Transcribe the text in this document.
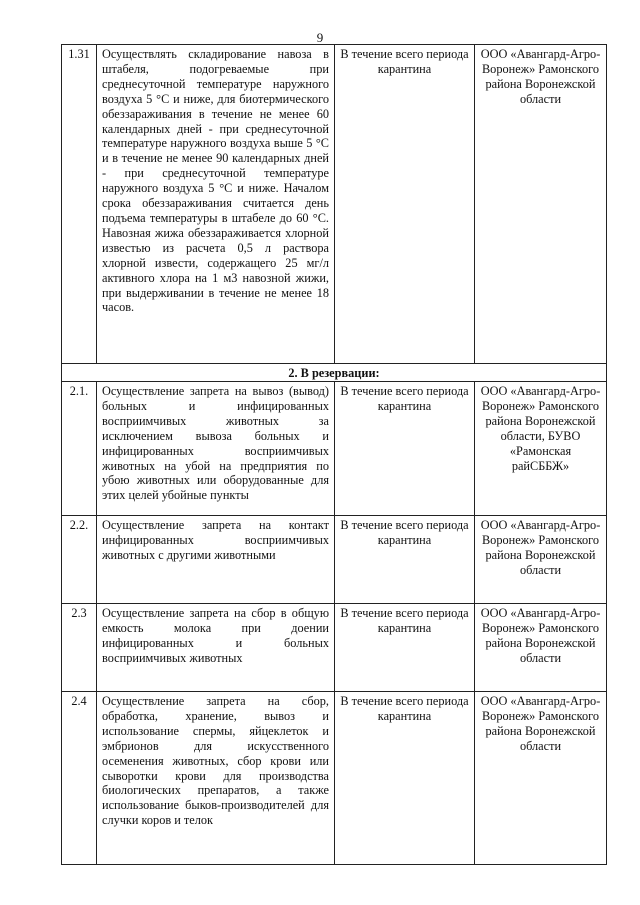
9
1.31	Осуществлять складирование навоза в штабеля, подогреваемые при среднесуточной температуре наружного воздуха 5 °С и ниже, для биотермического обеззараживания в течение не менее 60 календарных дней - при среднесуточной температуре наружного воздуха выше 5 °С и в течение не менее 90 календарных дней - при среднесуточной температуре наружного воздуха 5 °С и ниже. Началом срока обеззараживания считается день подъема температуры в штабеле до 60 °С. Навозная жижа обеззараживается хлорной известью из расчета 0,5 л раствора хлорной извести, содержащего 25 мг/л активного хлора на 1 м3 навозной жижи, при выдерживании в течение не менее 18 часов.	В течение всего периода карантина	ООО «Авангард-Агро-Воронеж» Рамонского района Воронежской области
2. В резервации:			
2.1.	Осуществление запрета на вывоз (вывод) больных и инфицированных восприимчивых животных за исключением вывоза больных и инфицированных восприимчивых животных на убой на предприятия по убою животных или оборудованные для этих целей убойные пункты	В течение всего периода карантина	ООО «Авангард-Агро-Воронеж» Рамонского района Воронежской области, БУВО «Рамонская райСББЖ»
2.2.	Осуществление запрета на контакт инфицированных восприимчивых животных с другими животными	В течение всего периода карантина	ООО «Авангард-Агро-Воронеж» Рамонского района Воронежской области
2.3	Осуществление запрета на сбор в общую емкость молока при доении инфицированных и больных восприимчивых животных	В течение всего периода карантина	ООО «Авангард-Агро-Воронеж» Рамонского района Воронежской области
2.4	Осуществление запрета на сбор, обработка, хранение, вывоз и использование спермы, яйцеклеток и эмбрионов для искусственного осеменения животных, сбор крови или сыворотки крови для производства биологических препаратов, а также использование быков-производителей для случки коров и телок	В течение всего периода карантина	ООО «Авангард-Агро-Воронеж» Рамонского района Воронежской области
